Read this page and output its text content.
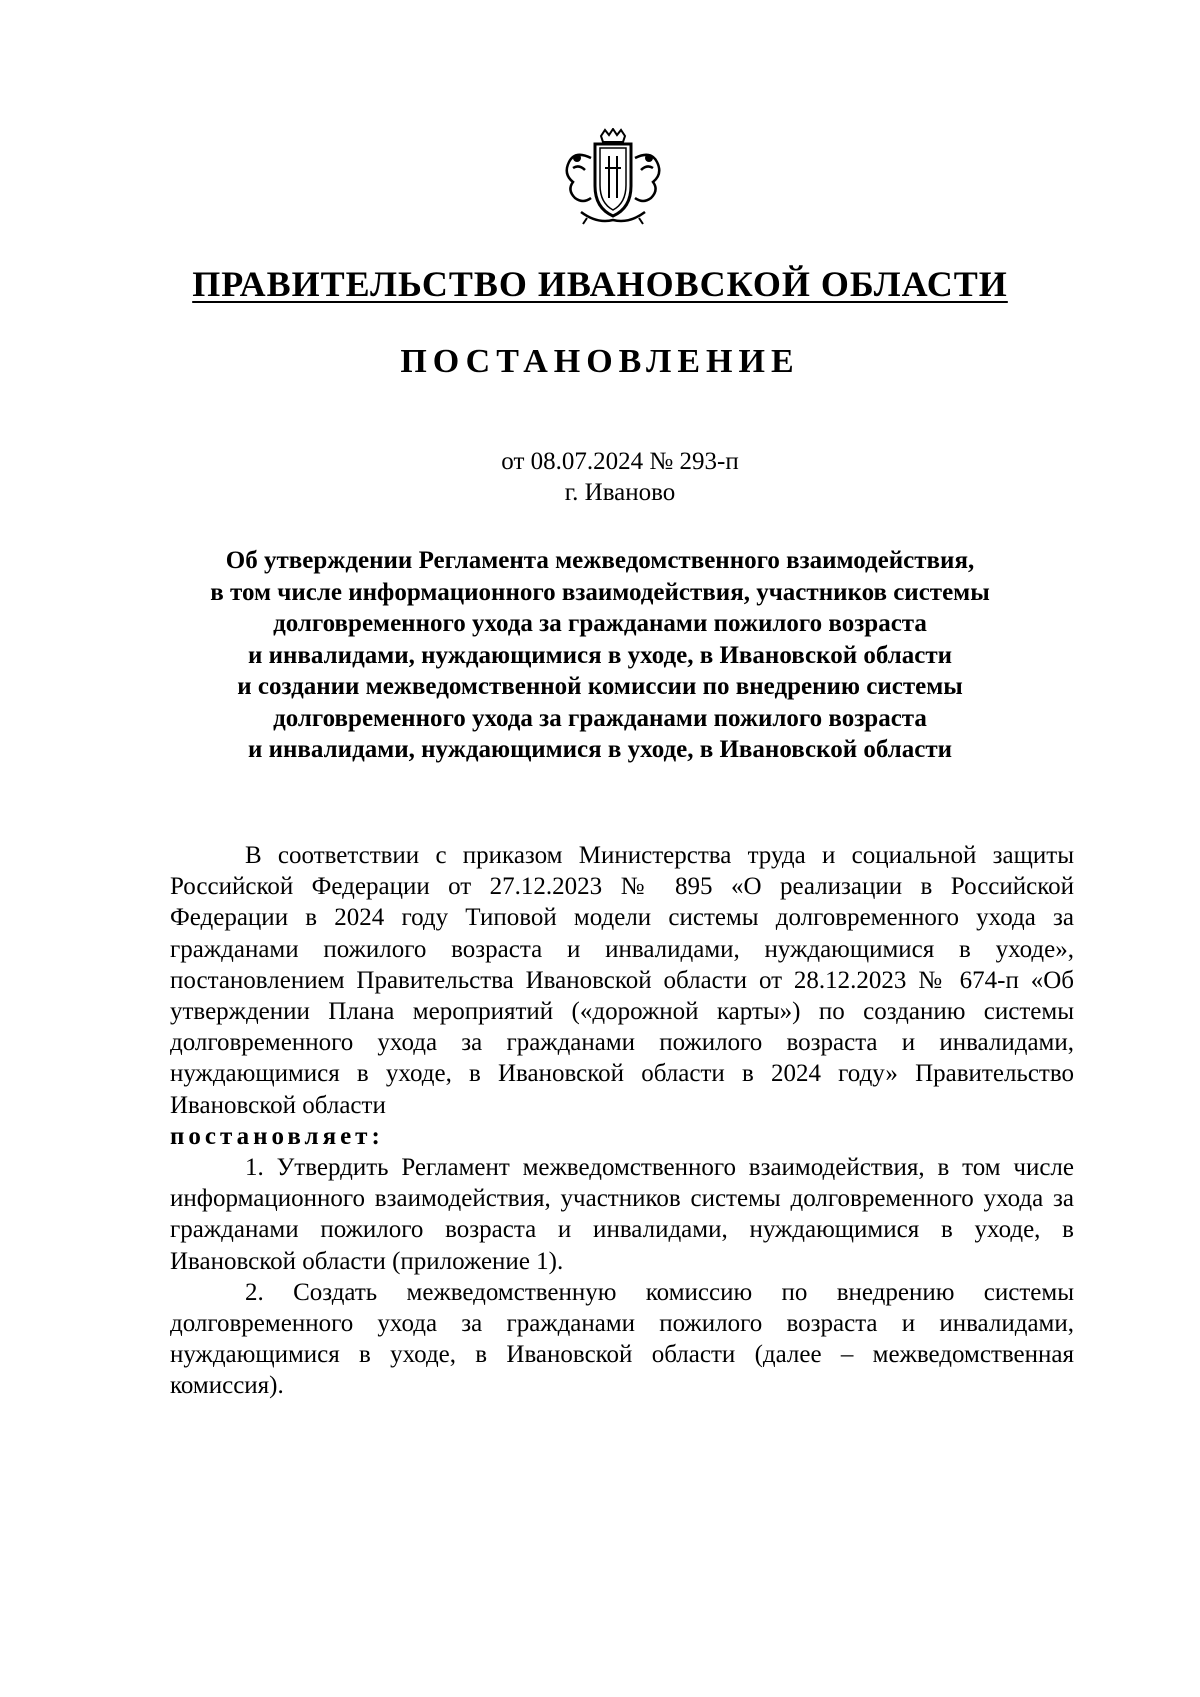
ПРАВИТЕЛЬСТВО ИВАНОВСКОЙ ОБЛАСТИ
ПОСТАНОВЛЕНИЕ
от 08.07.2024 № 293-п
г. Иваново
Об утверждении Регламента межведомственного взаимодействия,
в том числе информационного взаимодействия, участников системы
долговременного ухода за гражданами пожилого возраста
и инвалидами, нуждающимися в уходе, в Ивановской области
и создании межведомственной комиссии по внедрению системы
долговременного ухода за гражданами пожилого возраста
и инвалидами, нуждающимися в уходе, в Ивановской области

В соответствии с приказом Министерства труда и социальной защиты Российской Федерации от 27.12.2023 № 895 «О реализации в Российской Федерации в 2024 году Типовой модели системы долговременного ухода за гражданами пожилого возраста и инвалидами, нуждающимися в уходе», постановлением Правительства Ивановской области от 28.12.2023 № 674-п «Об утверждении Плана мероприятий («дорожной карты») по созданию системы долговременного ухода за гражданами пожилого возраста и инвалидами, нуждающимися в уходе, в Ивановской области в 2024 году» Правительство Ивановской области
постановляет:

1. Утвердить Регламент межведомственного взаимодействия, в том числе информационного взаимодействия, участников системы долговременного ухода за гражданами пожилого возраста и инвалидами, нуждающимися в уходе, в Ивановской области (приложение 1).

2. Создать межведомственную комиссию по внедрению системы долговременного ухода за гражданами пожилого возраста и инвалидами, нуждающимися в уходе, в Ивановской области (далее – межведомственная комиссия).
